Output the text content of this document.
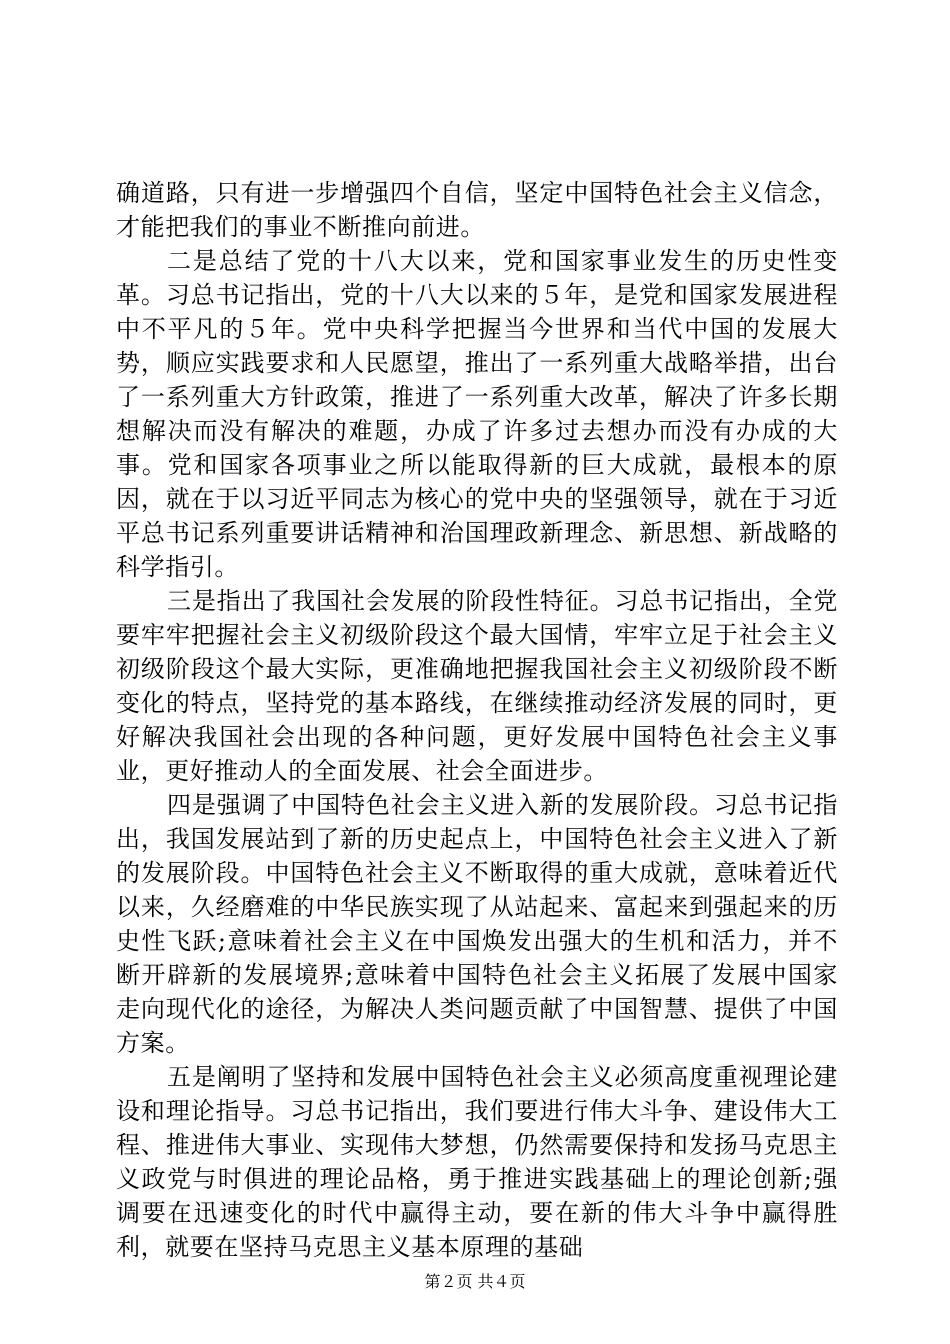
确道路，只有进一步增强四个自信，坚定中国特色社会主义信念，才能把我们的事业不断推向前进。

二是总结了党的十八大以来，党和国家事业发生的历史性变革。习总书记指出，党的十八大以来的５年，是党和国家发展进程中不平凡的５年。党中央科学把握当今世界和当代中国的发展大势，顺应实践要求和人民愿望，推出了一系列重大战略举措，出台了一系列重大方针政策，推进了一系列重大改革，解决了许多长期想解决而没有解决的难题，办成了许多过去想办而没有办成的大事。党和国家各项事业之所以能取得新的巨大成就，最根本的原因，就在于以习近平同志为核心的党中央的坚强领导，就在于习近平总书记系列重要讲话精神和治国理政新理念、新思想、新战略的科学指引。

三是指出了我国社会发展的阶段性特征。习总书记指出，全党要牢牢把握社会主义初级阶段这个最大国情，牢牢立足于社会主义初级阶段这个最大实际，更准确地把握我国社会主义初级阶段不断变化的特点，坚持党的基本路线，在继续推动经济发展的同时，更好解决我国社会出现的各种问题，更好发展中国特色社会主义事业，更好推动人的全面发展、社会全面进步。

四是强调了中国特色社会主义进入新的发展阶段。习总书记指出，我国发展站到了新的历史起点上，中国特色社会主义进入了新的发展阶段。中国特色社会主义不断取得的重大成就，意味着近代以来，久经磨难的中华民族实现了从站起来、富起来到强起来的历史性飞跃;意味着社会主义在中国焕发出强大的生机和活力，并不断开辟新的发展境界;意味着中国特色社会主义拓展了发展中国家走向现代化的途径，为解决人类问题贡献了中国智慧、提供了中国方案。

五是阐明了坚持和发展中国特色社会主义必须高度重视理论建设和理论指导。习总书记指出，我们要进行伟大斗争、建设伟大工程、推进伟大事业、实现伟大梦想，仍然需要保持和发扬马克思主义政党与时俱进的理论品格，勇于推进实践基础上的理论创新;强调要在迅速变化的时代中赢得主动，要在新的伟大斗争中赢得胜利，就要在坚持马克思主义基本原理的基础

第２页 共４页
